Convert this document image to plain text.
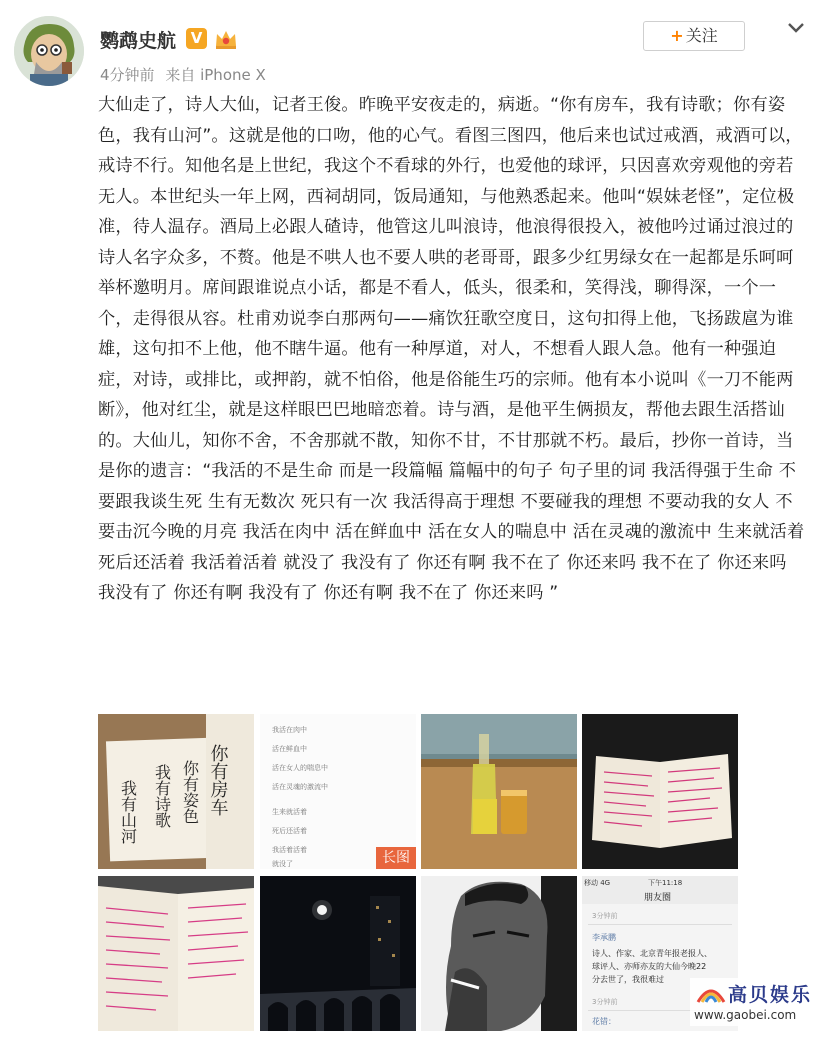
鹦鹉史航 V
4分钟前 来自 iPhone X
+ 关注
大仙走了，诗人大仙，记者王俊。昨晚平安夜走的，病逝。“你有房车，我有诗歌；你有姿色，我有山河”。这就是他的口吻，他的心气。看图三图四，他后来也试过戒酒，戒酒可以，戒诗不行。知他名是上世纪，我这个不看球的外行，也爱他的球评，只因喜欢旁观他的旁若无人。本世纪头一年上网，西祠胡同，饭局通知，与他熟悉起来。他叫“娱妹老怪”，定位极准，待人温存。酒局上必跟人碴诗，他管这儿叫浪诗，他浪得很投入，被他吟过诵过浪过的诗人名字众多，不赘。他是不哄人也不要人哄的老哥哥，跟多少红男绿女在一起都是乐呵呵举杯邀明月。席间跟谁说点小话，都是不看人，低头，很柔和，笑得浅，聊得深，一个一个，走得很从容。杜甫劝说李白那两句——痛饮狂歌空度日，这句扣得上他，飞扬跋扈为谁雄，这句扣不上他，他不瞎牛逼。他有一种厚道，对人，不想看人跟人急。他有一种强迫症，对诗，或排比，或押韵，就不怕俗，他是俗能生巧的宗师。他有本小说叫《一刀不能两断》，他对红尘，就是这样眼巴巴地暗恋着。诗与酒，是他平生俩损友，帮他去跟生活搭讪的。大仙儿，知你不舍，不舍那就不散，知你不甘，不甘那就不朽。最后，抄你一首诗，当是你的遗言：“我活的不是生命 而是一段篇幅 篇幅中的句子 句子里的词 我活得强于生命 不要跟我谈生死 生有无数次 死只有一次 我活得高于理想 不要碰我的理想 不要动我的女人 不要击沉今晚的月亮 我活在肉中 活在鲜血中 活在女人的喘息中 活在灵魂的激流中 生来就活着 死后还活着 我活着活着 就没了 我没有了 你还有啊 我不在了 你还来吗 我不在了 你还来吗 我没有了 你还有啊 我没有了 你还有啊 我不在了 你还来吗 ”
你有房车
你有姿色
我有诗歌
我有山河
我活在肉中
活在鲜血中
活在女人的喘息中
活在灵魂的激流中
生来就活着
死后还活着
我活着活着
就没了	长图
移动 4G	下午11:18
朋友圈
3分钟前
李承鹏
诗人、作家、北京青年报老报人、
球评人、亦师亦友的大仙今晚22
分去世了，我很难过
3分钟前
花错：
高贝娱乐
www.gaobei.com
